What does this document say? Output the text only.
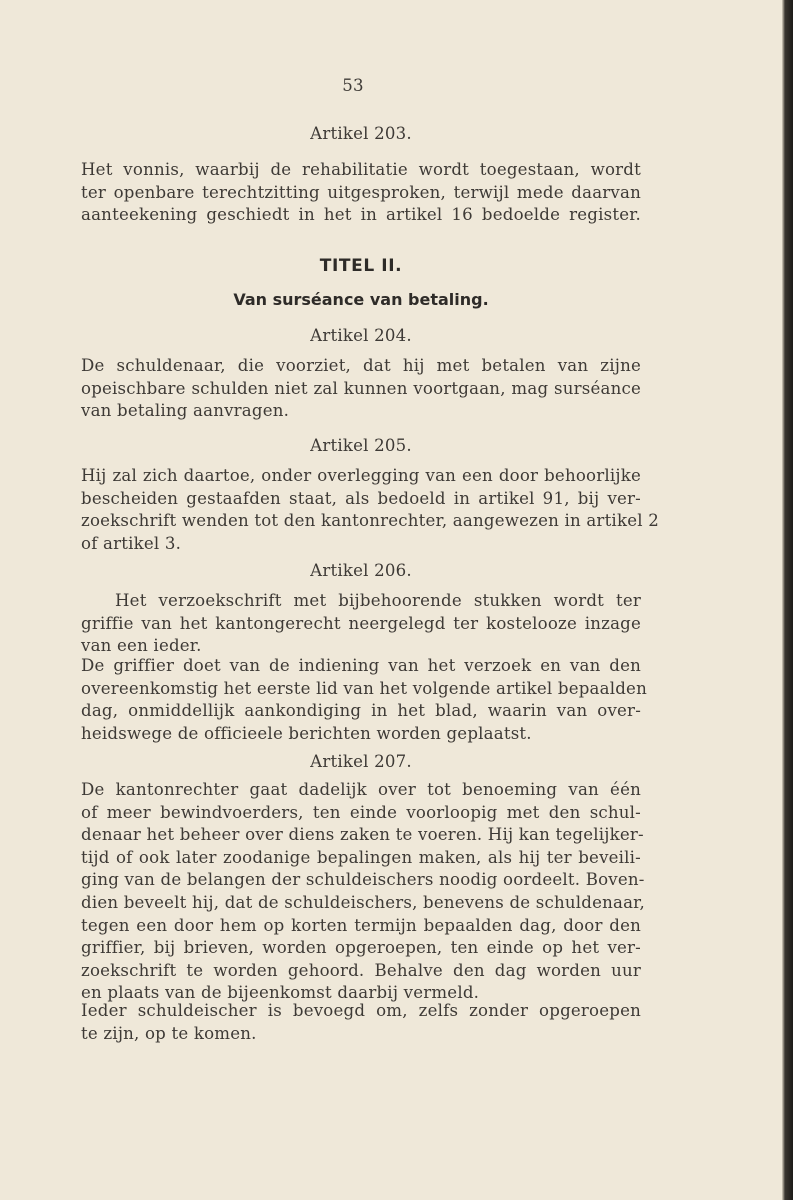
53
Artikel 203.

Het vonnis, waarbij de rehabilitatie wordt toegestaan, wordt
ter openbare terechtzitting uitgesproken, terwijl mede daarvan
aanteekening geschiedt in het in artikel 16 bedoelde register.

TITEL II.
Van surséance van betaling.
Artikel 204.

De schuldenaar, die voorziet, dat hij met betalen van zijne
opeischbare schulden niet zal kunnen voortgaan, mag surséance
van betaling aanvragen.

Artikel 205.

Hij zal zich daartoe, onder overlegging van een door behoorlijke
bescheiden gestaafden staat, als bedoeld in artikel 91, bij ver-
zoekschrift wenden tot den kantonrechter, aangewezen in artikel 2
of artikel 3.

Artikel 206.

Het verzoekschrift met bijbehoorende stukken wordt ter
griffie van het kantongerecht neergelegd ter kostelooze inzage
van een ieder.

De griffier doet van de indiening van het verzoek en van den
overeenkomstig het eerste lid van het volgende artikel bepaalden
dag, onmiddellijk aankondiging in het blad, waarin van over-
heidswege de officieele berichten worden geplaatst.

Artikel 207.

De kantonrechter gaat dadelijk over tot benoeming van één
of meer bewindvoerders, ten einde voorloopig met den schul-
denaar het beheer over diens zaken te voeren. Hij kan tegelijker-
tijd of ook later zoodanige bepalingen maken, als hij ter beveili-
ging van de belangen der schuldeischers noodig oordeelt. Boven-
dien beveelt hij, dat de schuldeischers, benevens de schuldenaar,
tegen een door hem op korten termijn bepaalden dag, door den
griffier, bij brieven, worden opgeroepen, ten einde op het ver-
zoekschrift te worden gehoord. Behalve den dag worden uur
en plaats van de bijeenkomst daarbij vermeld.

Ieder schuldeischer is bevoegd om, zelfs zonder opgeroepen
te zijn, op te komen.
